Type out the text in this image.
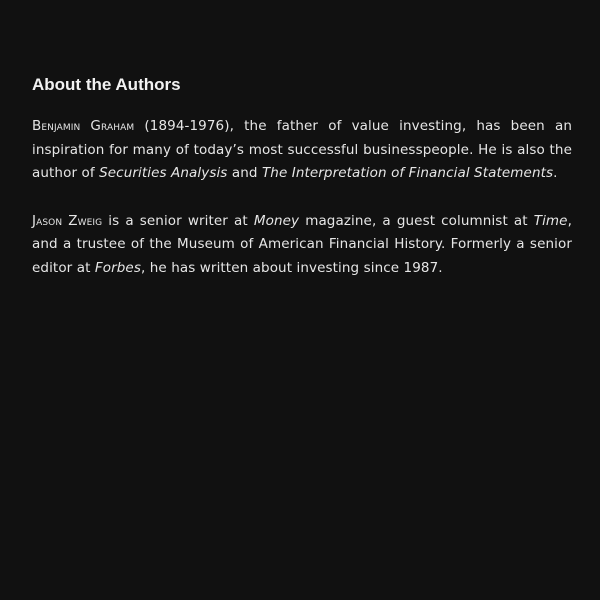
About the Authors

Benjamin Graham (1894-1976), the father of value investing, has been an inspiration for many of today’s most successful businesspeople. He is also the author of Securities Analysis and The Interpretation of Financial Statements.

Jason Zweig is a senior writer at Money magazine, a guest columnist at Time, and a trustee of the Museum of American Financial History. Formerly a senior editor at Forbes, he has written about investing since 1987.
